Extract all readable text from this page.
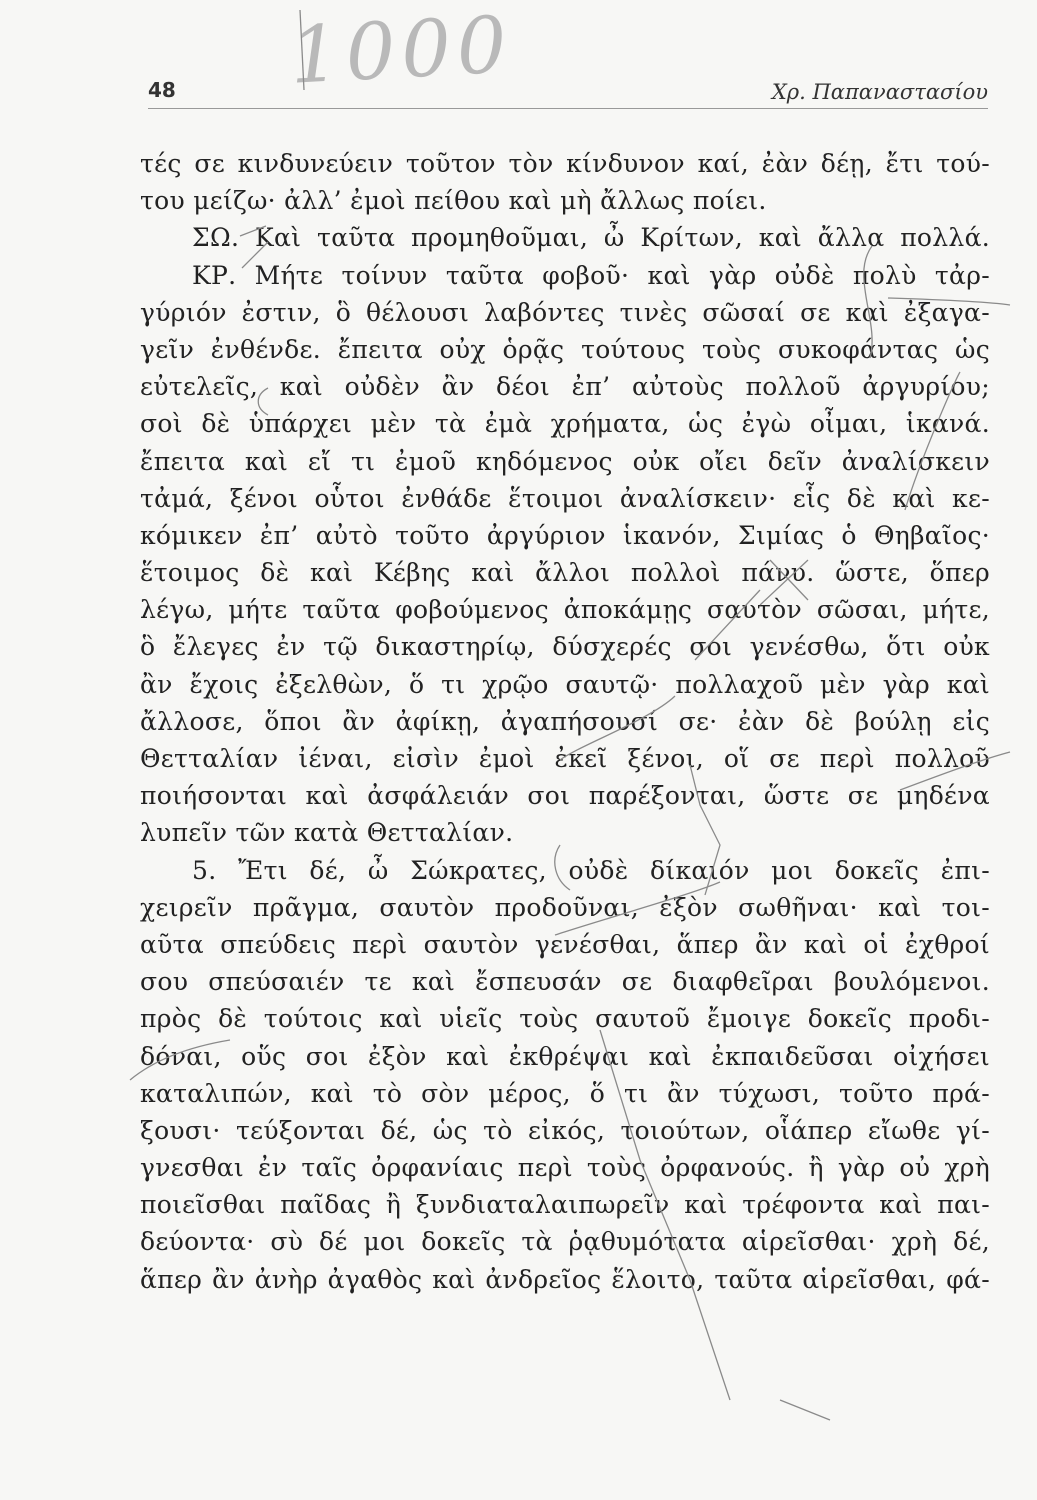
1000
48	Χρ. Παπαναστασίου
τές σε κινδυνεύειν τοῦτον τὸν κίνδυνον καί, ἐὰν δέῃ, ἔτι τού-
του μείζω· ἀλλ’ ἐμοὶ πείθου καὶ μὴ ἄλλως ποίει.
ΣΩ. Καὶ ταῦτα προμηθοῦμαι, ὦ Κρίτων, καὶ ἄλλα πολλά.
ΚΡ. Μήτε τοίνυν ταῦτα φοβοῦ· καὶ γὰρ οὐδὲ πολὺ τἀρ-
γύριόν ἐστιν, ὃ θέλουσι λαβόντες τινὲς σῶσαί σε καὶ ἐξαγα-
γεῖν ἐνθένδε. ἔπειτα οὐχ ὁρᾷς τούτους τοὺς συκοφάντας ὡς
εὐτελεῖς, καὶ οὐδὲν ἂν δέοι ἐπ’ αὐτοὺς πολλοῦ ἀργυρίου;
σοὶ δὲ ὑπάρχει μὲν τὰ ἐμὰ χρήματα, ὡς ἐγὼ οἶμαι, ἱκανά.
ἔπειτα καὶ εἴ τι ἐμοῦ κηδόμενος οὐκ οἴει δεῖν ἀναλίσκειν
τἀμά, ξένοι οὗτοι ἐνθάδε ἕτοιμοι ἀναλίσκειν· εἷς δὲ καὶ κε-
κόμικεν ἐπ’ αὐτὸ τοῦτο ἀργύριον ἱκανόν, Σιμίας ὁ Θηβαῖος·
ἕτοιμος δὲ καὶ Κέβης καὶ ἄλλοι πολλοὶ πάνυ. ὥστε, ὅπερ
λέγω, μήτε ταῦτα φοβούμενος ἀποκάμῃς σαυτὸν σῶσαι, μήτε,
ὃ ἔλεγες ἐν τῷ δικαστηρίῳ, δύσχερές σοι γενέσθω, ὅτι οὐκ
ἂν ἔχοις ἐξελθὼν, ὅ τι χρῷο σαυτῷ· πολλαχοῦ μὲν γὰρ καὶ
ἄλλοσε, ὅποι ἂν ἀφίκῃ, ἀγαπήσουσί σε· ἐὰν δὲ βούλῃ εἰς
Θετταλίαν ἰέναι, εἰσὶν ἐμοὶ ἐκεῖ ξένοι, οἵ σε περὶ πολλοῦ
ποιήσονται καὶ ἀσφάλειάν σοι παρέξονται, ὥστε σε μηδένα
λυπεῖν τῶν κατὰ Θετταλίαν.
5. Ἔτι δέ, ὦ Σώκρατες, οὐδὲ δίκαιόν μοι δοκεῖς ἐπι-
χειρεῖν πρᾶγμα, σαυτὸν προδοῦναι, ἐξὸν σωθῆναι· καὶ τοι-
αῦτα σπεύδεις περὶ σαυτὸν γενέσθαι, ἅπερ ἂν καὶ οἱ ἐχθροί
σου σπεύσαιέν τε καὶ ἔσπευσάν σε διαφθεῖραι βουλόμενοι.
πρὸς δὲ τούτοις καὶ υἱεῖς τοὺς σαυτοῦ ἔμοιγε δοκεῖς προδι-
δόναι, οὕς σοι ἐξὸν καὶ ἐκθρέψαι καὶ ἐκπαιδεῦσαι οἰχήσει
καταλιπών, καὶ τὸ σὸν μέρος, ὅ τι ἂν τύχωσι, τοῦτο πρά-
ξουσι· τεύξονται δέ, ὡς τὸ εἰκός, τοιούτων, οἷάπερ εἴωθε γί-
γνεσθαι ἐν ταῖς ὀρφανίαις περὶ τοὺς ὀρφανούς. ἢ γὰρ οὐ χρὴ
ποιεῖσθαι παῖδας ἢ ξυνδιαταλαιπωρεῖν καὶ τρέφοντα καὶ παι-
δεύοντα· σὺ δέ μοι δοκεῖς τὰ ῥᾳθυμότατα αἱρεῖσθαι· χρὴ δέ,
ἅπερ ἂν ἀνὴρ ἀγαθὸς καὶ ἀνδρεῖος ἕλοιτο, ταῦτα αἱρεῖσθαι, φά-
